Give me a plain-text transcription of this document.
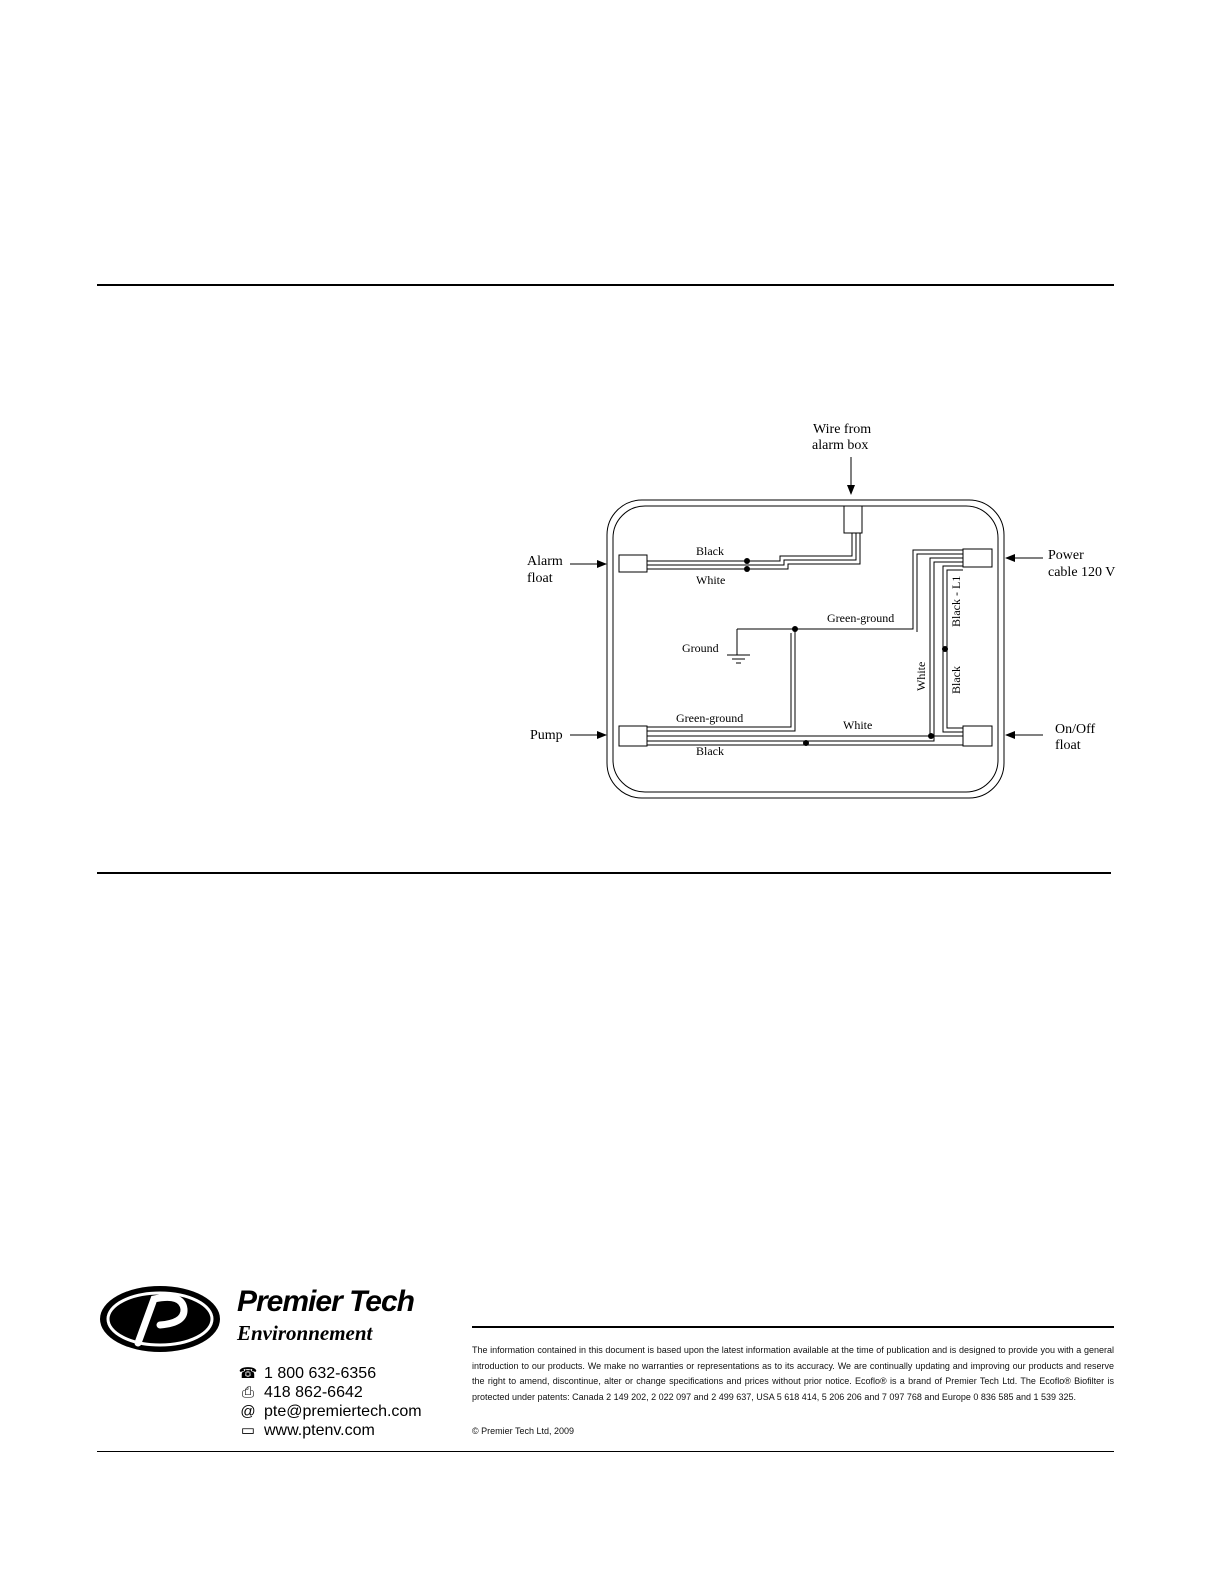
Wire from
alarm box
Alarm
float
Power
cable 120 V
Pump	On/Off
float
Black
White
Green-ground
Ground
Green-ground	White
Black
Black - L1
Black
White
Premier Tech
Environnement
☎ 1 800 632-6356
⎙ 418 862-6642
@ pte@premiertech.com
▭ www.ptenv.com
The information contained in this document is based upon the latest information available at the time of publication and is designed to provide you with a general introduction to our products. We make no warranties or representations as to its accuracy. We are continually updating and improving our products and reserve the right to amend, discontinue, alter or change specifications and prices without prior notice. Ecoflo® is a brand of Premier Tech Ltd. The Ecoflo® Biofilter is protected under patents: Canada 2 149 202, 2 022 097 and 2 499 637, USA 5 618 414, 5 206 206 and 7 097 768 and Europe 0 836 585 and 1 539 325.
© Premier Tech Ltd, 2009
